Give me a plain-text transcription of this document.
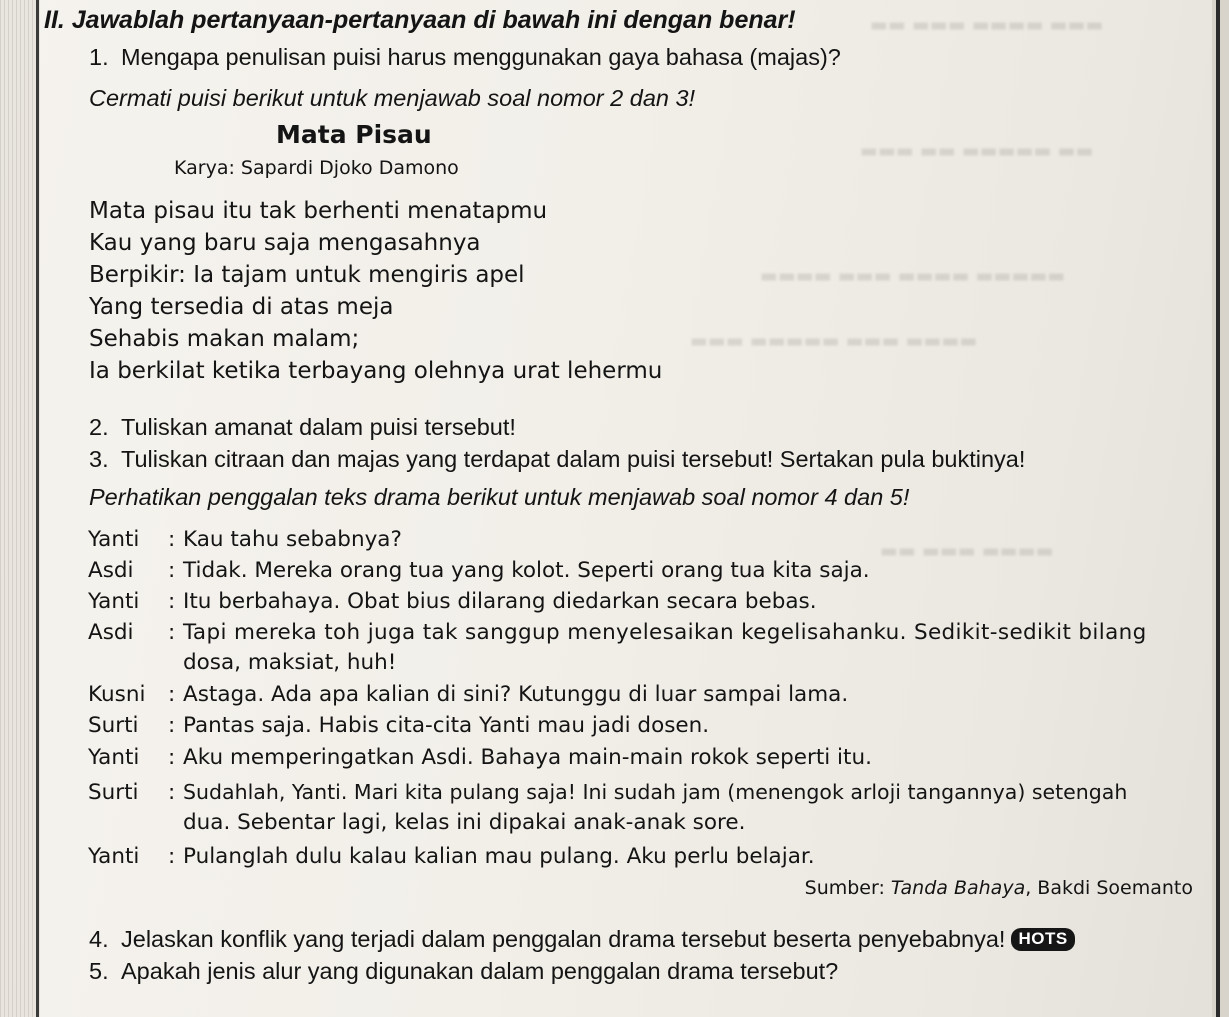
▬▬ ▬▬▬ ▬▬▬▬ ▬▬▬
▬▬▬ ▬▬ ▬▬▬▬▬ ▬▬
▬▬▬▬ ▬▬▬ ▬▬▬▬ ▬▬▬▬▬
▬▬▬ ▬▬▬▬▬ ▬▬▬ ▬▬▬▬
▬▬ ▬▬▬ ▬▬▬▬
II. Jawablah pertanyaan-pertanyaan di bawah ini dengan benar!
1. Mengapa penulisan puisi harus menggunakan gaya bahasa (majas)?
Cermati puisi berikut untuk menjawab soal nomor 2 dan 3!
Mata Pisau
Karya: Sapardi Djoko Damono
Mata pisau itu tak berhenti menatapmu
Kau yang baru saja mengasahnya
Berpikir: Ia tajam untuk mengiris apel
Yang tersedia di atas meja
Sehabis makan malam;
Ia berkilat ketika terbayang olehnya urat lehermu
2. Tuliskan amanat dalam puisi tersebut!
3. Tuliskan citraan dan majas yang terdapat dalam puisi tersebut! Sertakan pula buktinya!
Perhatikan penggalan teks drama berikut untuk menjawab soal nomor 4 dan 5!
Yanti : Kau tahu sebabnya?
Asdi : Tidak. Mereka orang tua yang kolot. Seperti orang tua kita saja.
Yanti : Itu berbahaya. Obat bius dilarang diedarkan secara bebas.
Asdi : Tapi mereka toh juga tak sanggup menyelesaikan kegelisahanku. Sedikit-sedikit bilang
dosa, maksiat, huh!
Kusni : Astaga. Ada apa kalian di sini? Kutunggu di luar sampai lama.
Surti : Pantas saja. Habis cita-cita Yanti mau jadi dosen.
Yanti : Aku memperingatkan Asdi. Bahaya main-main rokok seperti itu.
Surti : Sudahlah, Yanti. Mari kita pulang saja! Ini sudah jam (menengok arloji tangannya) setengah
dua. Sebentar lagi, kelas ini dipakai anak-anak sore.
Yanti : Pulanglah dulu kalau kalian mau pulang. Aku perlu belajar.
Sumber: Tanda Bahaya, Bakdi Soemanto
4. Jelaskan konflik yang terjadi dalam penggalan drama tersebut beserta penyebabnya! HOTS
5. Apakah jenis alur yang digunakan dalam penggalan drama tersebut?
